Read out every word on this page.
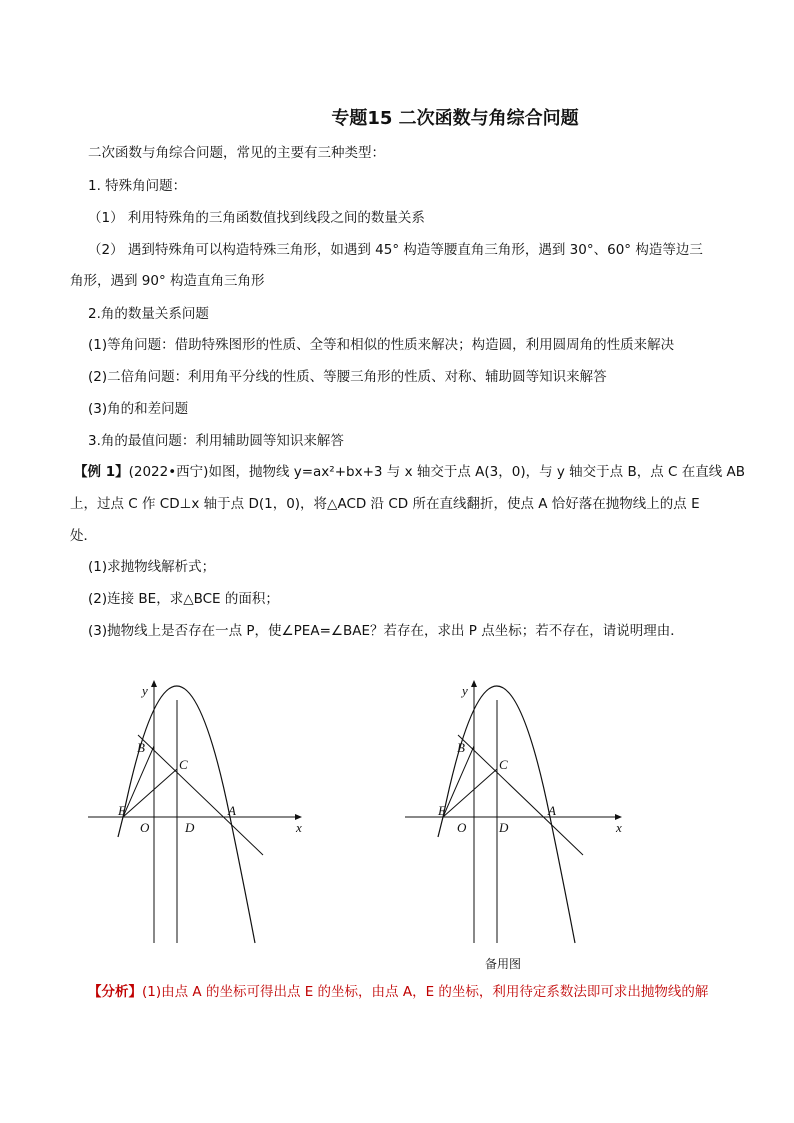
专题15 二次函数与角综合问题
二次函数与角综合问题，常见的主要有三种类型：
1. 特殊角问题：
（1） 利用特殊角的三角函数值找到线段之间的数量关系
（2） 遇到特殊角可以构造特殊三角形，如遇到 45° 构造等腰直角三角形，遇到 30°、60° 构造等边三
角形，遇到 90° 构造直角三角形
2.角的数量关系问题
(1)等角问题：借助特殊图形的性质、全等和相似的性质来解决；构造圆，利用圆周角的性质来解决
(2)二倍角问题：利用角平分线的性质、等腰三角形的性质、对称、辅助圆等知识来解答
(3)角的和差问题
3.角的最值问题：利用辅助圆等知识来解答
【例 1】(2022•西宁)如图，抛物线 y=ax²+bx+3 与 x 轴交于点 A(3，0)，与 y 轴交于点 B，点 C 在直线 AB
上，过点 C 作 CD⊥x 轴于点 D(1，0)，将△ACD 沿 CD 所在直线翻折，使点 A 恰好落在抛物线上的点 E
处．
(1)求抛物线解析式；
(2)连接 BE，求△BCE 的面积；
(3)抛物线上是否存在一点 P，使∠PEA=∠BAE？若存在，求出 P 点坐标；若不存在，请说明理由．
y
x
B
C
E
O	D
A
y
x
B
C
E
O	D
A
备用图
【分析】(1)由点 A 的坐标可得出点 E 的坐标，由点 A，E 的坐标，利用待定系数法即可求出抛物线的解
